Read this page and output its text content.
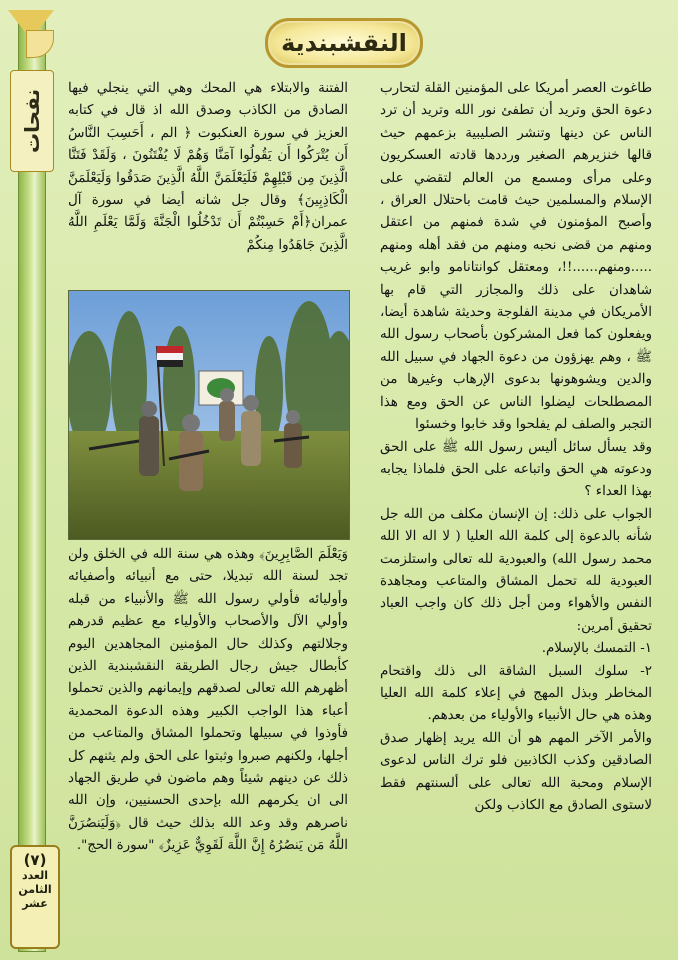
نفحات
(٧)
العدد
الثامن
عشر
النقشبندية

طاغوت العصر أمريكا على المؤمنين القلة لتحارب دعوة الحق وتريد أن تطفئ نور الله وتريد أن ترد الناس عن دينها وتنشر الصليبية بزعمهم حيث قالها خنزيرهم الصغير وردد‌ها قادته العسكريون وعلى مرأى ومسمع من العالم لتقضي على الإسلام والمسلمين حيث قامت باحتلال العراق ، وأصبح المؤمنون في شدة فمنهم من اعتقل ومنهم من قضى نحبه ومنهم من فقد أهله ومنهم .....ومنهم......!!، ومعتقل كوانتانامو وابو غريب شاهدان على ذلك والمجازر التي قام بها الأمريكان في مدينة الفلوجة وحديثة شاهدة أيضا، ويفعلون كما فعل المشركون بأصحاب رسول الله ﷺ ، وهم يهزؤون من دعوة الجهاد في سبيل الله والدين ويشوهونها بدعوى الإرهاب وغيرها من المصطلحات ليضلوا الناس عن الحق ومع هذا التجبر والصلف لم يفلحوا وقد خابوا وخسئوا

وقد يسأل سائل أليس رسول الله ﷺ على الحق ودعوته هي الحق واتباعه على الحق فلماذا يجابه بهذا العداء ؟

الجواب على ذلك: إن الإنسان مكلف من الله جل شأنه بالدعوة إلى كلمة الله العليا ( لا اله الا الله محمد رسول الله) والعبودية لله تعالى واستلزمت العبودية لله تحمل المشاق والمتاعب ومجاهدة النفس والأهواء ومن أجل ذلك كان واجب العباد تحقيق أمرين:

١- التمسك بالإسلام.

٢- سلوك السبل الشاقة الى ذلك واقتحام المخاطر وبذل المهج في إعلاء كلمة الله العليا وهذه هي حال الأنبياء والأولياء من بعدهم.

والأمر الآخر المهم هو أن الله يريد إظهار صدق الصادقين وكذب الكاذبين فلو ترك الناس لدعوى الإسلام ومحبة الله تعالى على ألسنتهم فقط لاستوى الصادق مع الكاذب ولكن

الفتنة والابتلاء هي المحك وهي التي ينجلي فيها الصادق من الكاذب وصدق الله اذ قال في كتابه العزيز في سورة العنكبوت ﴿ الم ، أَحَسِبَ النَّاسُ أَن يُتْرَكُوا أَن يَقُولُوا آمَنَّا وَهُمْ لَا يُفْتَنُونَ ، وَلَقَدْ فَتَنَّا الَّذِينَ مِن قَبْلِهِمْ فَلَيَعْلَمَنَّ اللَّهُ الَّذِينَ صَدَقُوا وَلَيَعْلَمَنَّ الْكَاذِبِينَ﴾ وقال جل شانه أيضا في سورة آل عمران﴿أَمْ حَسِبْتُمْ أَن تَدْخُلُوا الْجَنَّةَ وَلَمَّا يَعْلَمِ اللَّهُ الَّذِينَ جَاهَدُوا مِنكُمْ

وَيَعْلَمَ الصَّابِرِينَ﴾ وهذه هي سنة الله في الخلق ولن تجد لسنة الله تبديلا، حتى مع أنبيائه وأصفيائه وأوليائه فأولي رسول الله ﷺ والأنبياء من قبله وأولي الآل والأصحاب والأولياء مع عظيم قدرهم وجلالتهم وكذلك حال المؤمنين المجاهدين اليوم كأبطال جيش رجال الطريقة النقشبندية الذين أظهرهم الله تعالى لصدقهم وإيمانهم والذين تحملوا أعباء هذا الواجب الكبير وهذه الدعوة المحمدية فأوذوا في سبيلها وتحملوا المشاق والمتاعب من أجلها، ولكنهم صبروا وثبتوا على الحق ولم يثنهم كل ذلك عن دينهم شيئاً وهم ماضون في طريق الجهاد الى ان يكرمهم الله بإحدى الحسنيين، وإن الله ناصرهم وقد وعد الله بذلك حيث قال ﴿وَلَيَنصُرَنَّ اللَّهُ مَن يَنصُرُهُ إِنَّ اللَّهَ لَقَوِيٌّ عَزِيزٌ﴾ "سورة الحج".
